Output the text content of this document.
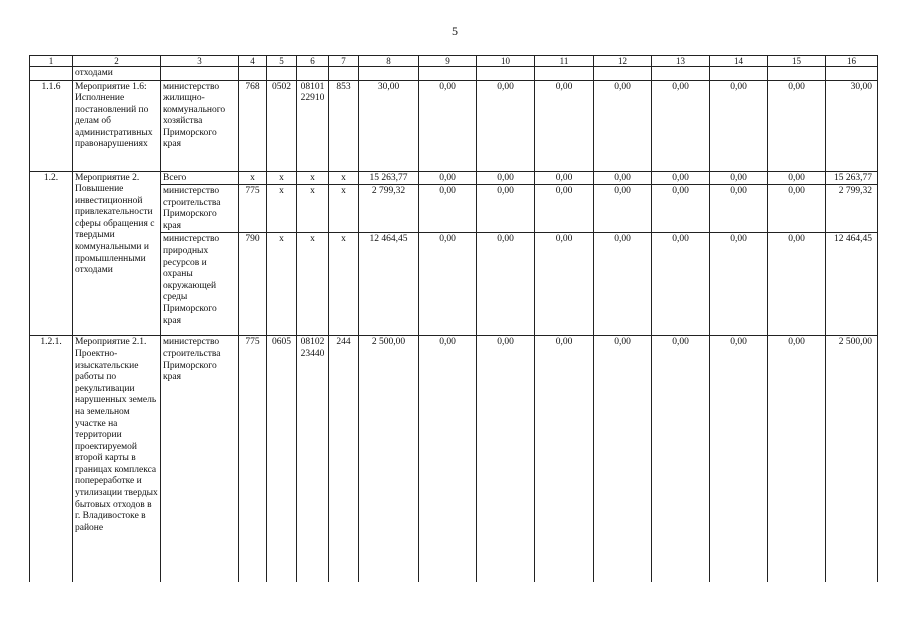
5
1	2	3	4	5	6	7	8	9	10	11	12	13	14	15	16
	отходами														
1.1.6	Мероприятие 1.6: Исполнение постановлений по делам об административных правонарушениях	министерство жилищно-коммунального хозяйства Приморского края	768	0502	08101 22910	853	30,00	0,00	0,00	0,00	0,00	0,00	0,00	0,00	30,00
1.2.	Мероприятие 2. Повышение инвестиционной привлекательности сферы обращения с твердыми коммунальными и промышленными отходами	Всего	x	x	x	x	15 263,77	0,00	0,00	0,00	0,00	0,00	0,00	0,00	15 263,77
		министерство строительства Приморского края	775	x	x	x	2 799,32	0,00	0,00	0,00	0,00	0,00	0,00	0,00	2 799,32
		министерство природных ресурсов и охраны окружающей среды Приморского края	790	x	x	x	12 464,45	0,00	0,00	0,00	0,00	0,00	0,00	0,00	12 464,45
1.2.1.	Мероприятие 2.1. Проектно-изыскательские работы по рекультивации нарушенных земель на земельном участке на территории проектируемой второй карты в границах комплекса попереработке и утилизации твердых бытовых отходов в г. Владивостоке в районе	министерство строительства Приморского края	775	0605	08102 23440	244	2 500,00	0,00	0,00	0,00	0,00	0,00	0,00	0,00	2 500,00
